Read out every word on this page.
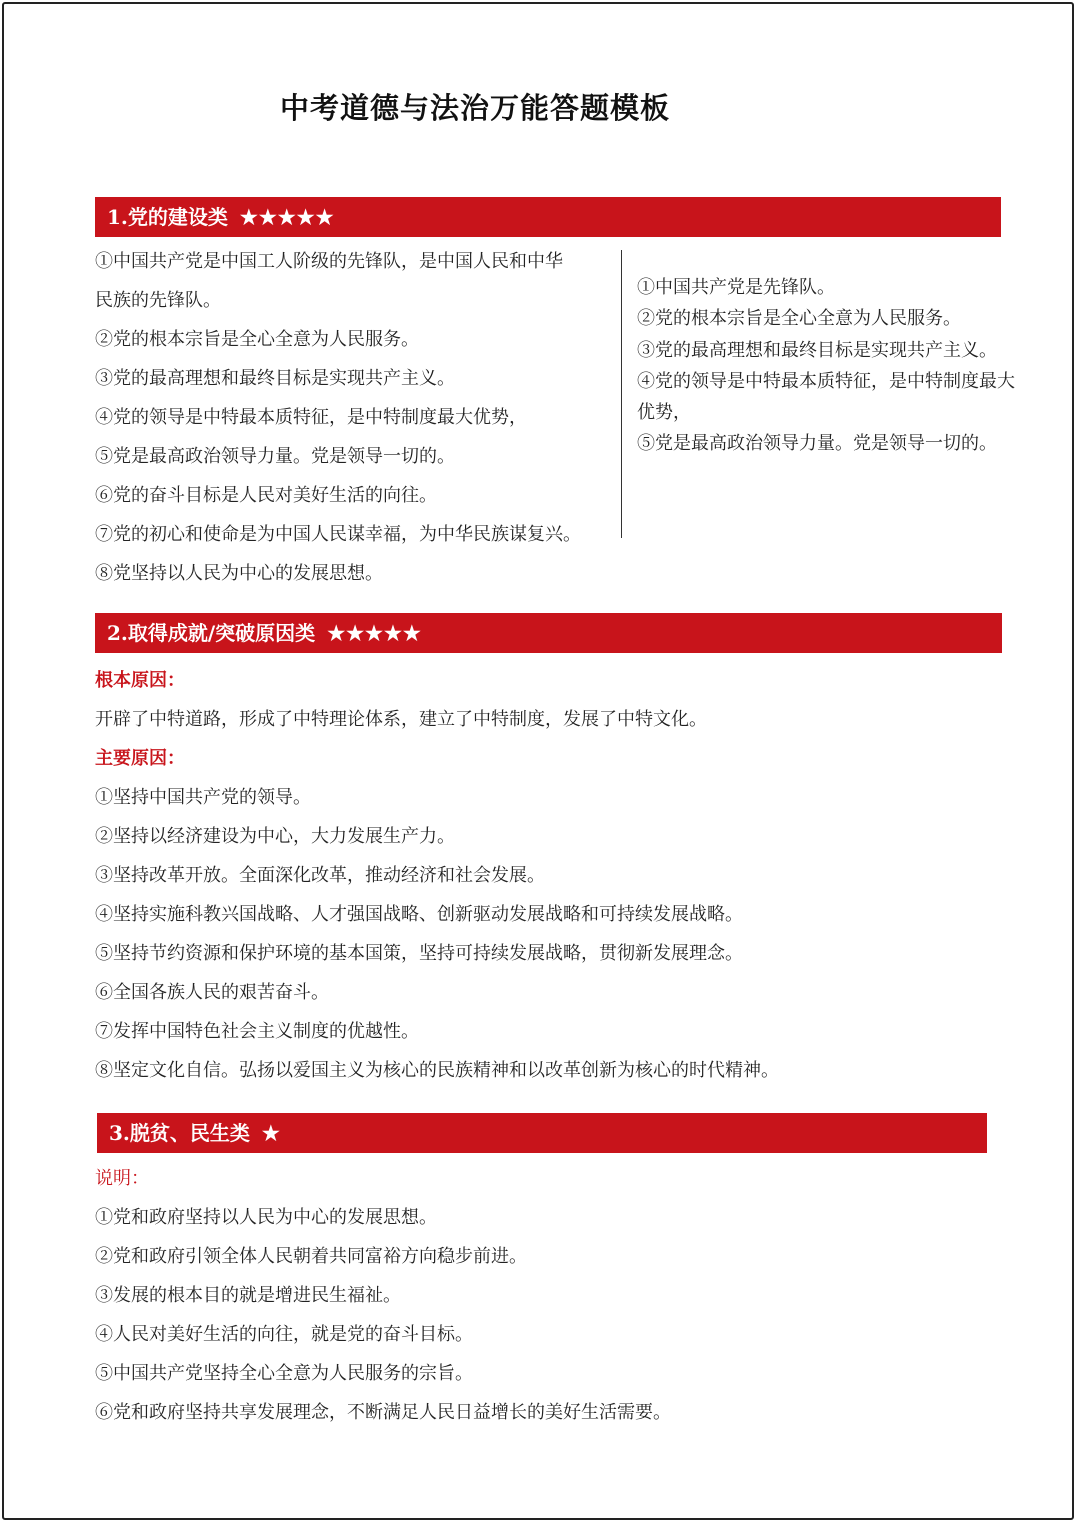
中考道德与法治万能答题模板
1.党的建设类 ★★★★★
①中国共产党是中国工人阶级的先锋队，是中国人民和中华
民族的先锋队。
②党的根本宗旨是全心全意为人民服务。
③党的最高理想和最终目标是实现共产主义。
④党的领导是中特最本质特征，是中特制度最大优势，
⑤党是最高政治领导力量。党是领导一切的。
⑥党的奋斗目标是人民对美好生活的向往。
⑦党的初心和使命是为中国人民谋幸福，为中华民族谋复兴。
⑧党坚持以人民为中心的发展思想。
①中国共产党是先锋队。
②党的根本宗旨是全心全意为人民服务。
③党的最高理想和最终目标是实现共产主义。
④党的领导是中特最本质特征，是中特制度最大优势，
⑤党是最高政治领导力量。党是领导一切的。
2.取得成就/突破原因类 ★★★★★
根本原因：
开辟了中特道路，形成了中特理论体系，建立了中特制度，发展了中特文化。
主要原因：
①坚持中国共产党的领导。
②坚持以经济建设为中心，大力发展生产力。
③坚持改革开放。全面深化改革，推动经济和社会发展。
④坚持实施科教兴国战略、人才强国战略、创新驱动发展战略和可持续发展战略。
⑤坚持节约资源和保护环境的基本国策，坚持可持续发展战略，贯彻新发展理念。
⑥全国各族人民的艰苦奋斗。
⑦发挥中国特色社会主义制度的优越性。
⑧坚定文化自信。弘扬以爱国主义为核心的民族精神和以改革创新为核心的时代精神。
3.脱贫、民生类 ★
说明：
①党和政府坚持以人民为中心的发展思想。
②党和政府引领全体人民朝着共同富裕方向稳步前进。
③发展的根本目的就是增进民生福祉。
④人民对美好生活的向往，就是党的奋斗目标。
⑤中国共产党坚持全心全意为人民服务的宗旨。
⑥党和政府坚持共享发展理念，不断满足人民日益增长的美好生活需要。
